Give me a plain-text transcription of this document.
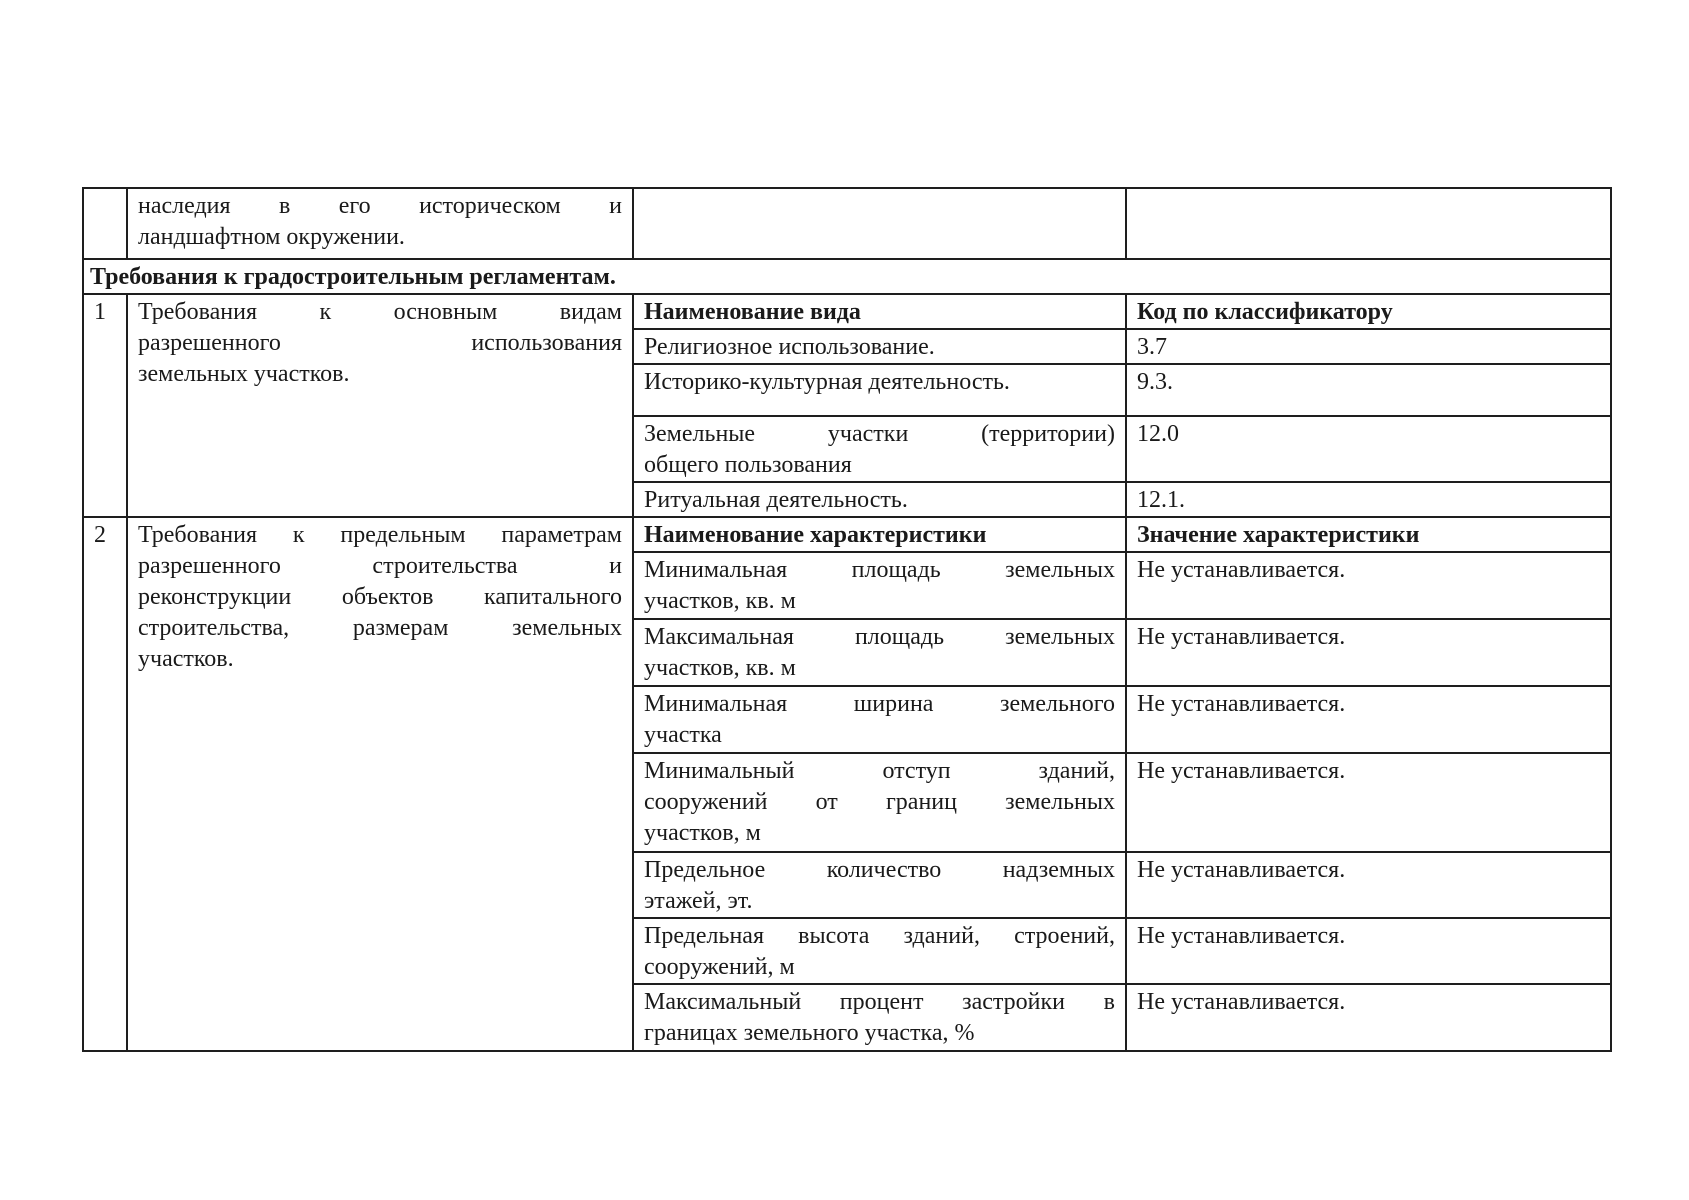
	наследия в его историческом и
ландшафтном окружении.		

Требования к градостроительным регламентам.			
1	Требования к основным видам
разрешенного использования
земельных участков.	Наименование вида	Код по классификатору

		Религиозное использование.	3.7

		Историко-культурная деятельность.	9.3.

		Земельные участки (территории)
общего пользования	12.0

		Ритуальная деятельность.	12.1.
2	Требования к предельным параметрам
разрешенного строительства и
реконструкции объектов капитального
строительства, размерам земельных
участков.	Наименование характеристики	Значение характеристики

		Минимальная площадь земельных
участков, кв. м	Не устанавливается.

		Максимальная площадь земельных
участков, кв. м	Не устанавливается.

		Минимальная ширина земельного
участка	Не устанавливается.

		Минимальный отступ зданий,
сооружений от границ земельных
участков, м	Не устанавливается.

		Предельное количество надземных
этажей, эт.	Не устанавливается.

		Предельная высота зданий, строений,
сооружений, м	Не устанавливается.

		Максимальный процент застройки в
границах земельного участка, %	Не устанавливается.
